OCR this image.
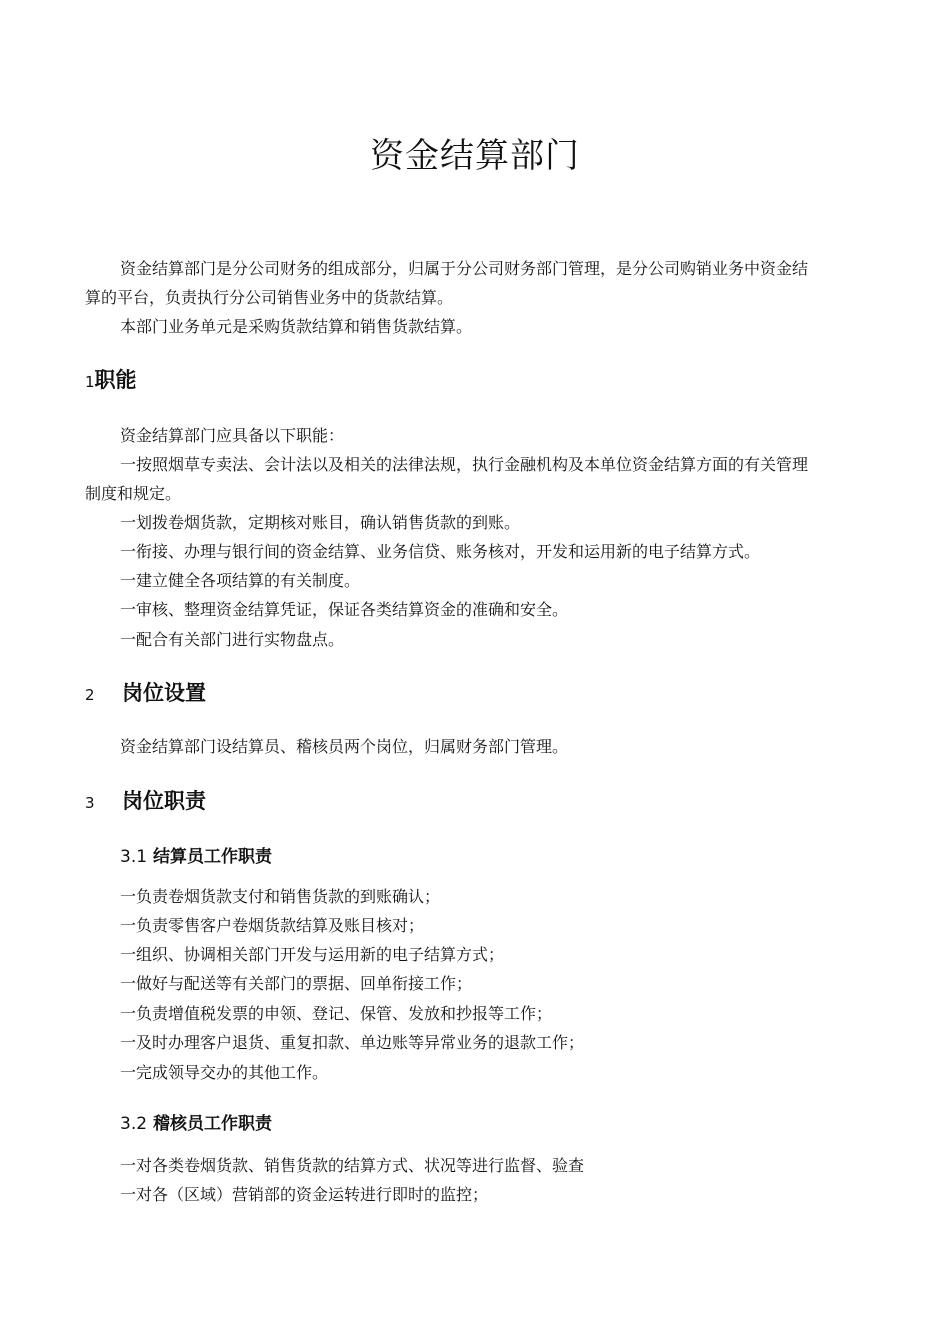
资金结算部门
资金结算部门是分公司财务的组成部分，归属于分公司财务部门管理，是分公司购销业务中资金结
算的平台，负责执行分公司销售业务中的货款结算。
本部门业务单元是采购货款结算和销售货款结算。
1职能
资金结算部门应具备以下职能：
一按照烟草专卖法、会计法以及相关的法律法规，执行金融机构及本单位资金结算方面的有关管理
制度和规定。
一划拨卷烟货款，定期核对账目，确认销售货款的到账。
一衔接、办理与银行间的资金结算、业务信贷、账务核对，开发和运用新的电子结算方式。
一建立健全各项结算的有关制度。
一审核、整理资金结算凭证，保证各类结算资金的准确和安全。
一配合有关部门进行实物盘点。
2 岗位设置
资金结算部门设结算员、稽核员两个岗位，归属财务部门管理。
3 岗位职责
3.1 结算员工作职责
一负责卷烟货款支付和销售货款的到账确认；
一负责零售客户卷烟货款结算及账目核对；
一组织、协调相关部门开发与运用新的电子结算方式；
一做好与配送等有关部门的票据、回单衔接工作；
一负责增值税发票的申领、登记、保管、发放和抄报等工作；
一及时办理客户退货、重复扣款、单边账等异常业务的退款工作；
一完成领导交办的其他工作。
3.2 稽核员工作职责
一对各类卷烟货款、销售货款的结算方式、状况等进行监督、验查
一对各（区域）营销部的资金运转进行即时的监控；
